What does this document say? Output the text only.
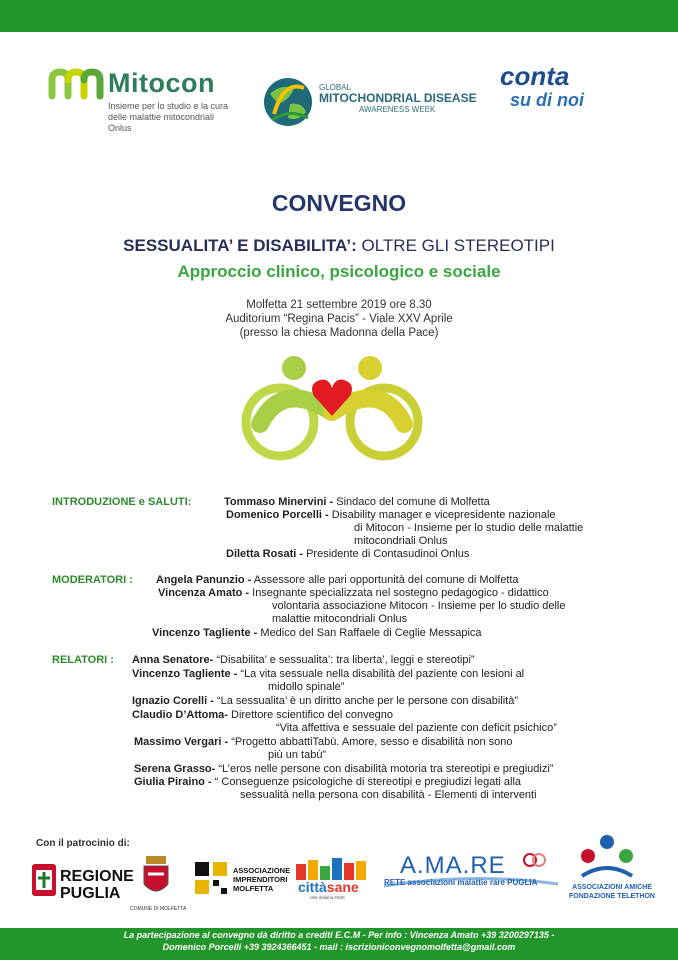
Mitocon
Insieme per lo studio e la cura
delle malattie mitocondriali
Onlus
GLOBAL
MITOCHONDRIAL DISEASE
AWARENESS WEEK
conta
su di noi
CONVEGNO
SESSUALITA’ E DISABILITA’: OLTRE GLI STEREOTIPI
Approccio clinico, psicologico e sociale
Molfetta 21 settembre 2019 ore 8.30
Auditorium “Regina Pacis” - Viale XXV Aprile
(presso la chiesa Madonna della Pace)
INTRODUZIONE e SALUTI:	Tommaso Minervini - Sindaco del comune di Molfetta
Domenico Porcelli - Disability manager e vicepresidente nazionale
di Mitocon - Insieme per lo studio delle malattie
mitocondriali Onlus
Diletta Rosati - Presidente di Contasudinoi Onlus
MODERATORI : Angela Panunzio - Assessore alle pari opportunità del comune di Molfetta
Vincenza Amato - Insegnante specializzata nel sostegno pedagogico - didattico
volontaria associazione Mitocon - Insieme per lo studio delle
malattie mitocondriali Onlus
Vincenzo Tagliente - Medico del San Raffaele di Ceglie Messapica
RELATORI : Anna Senatore- “Disabilita’ e sessualita’: tra liberta’, leggi e stereotipi”
Vincenzo Tagliente - “La vita sessuale nella disabilità del paziente con lesioni al
midollo spinale”
Ignazio Corelli - “La sessualita’ è un diritto anche per le persone con disabilità”
Claudio D’Attoma- Direttore scientifico del convegno
“Vita affettiva e sessuale del paziente con deficit psichico”
Massimo Vergari - “Progetto abbattiTabù. Amore, sesso e disabilità non sono
più un tabù”
Serena Grasso- “L’eros nelle persone con disabilità motoria tra stereotipi e pregiudizi”
Giulia Piraino - “ Conseguenze psicologiche di stereotipi e pregiudizi legati alla
sessualità nella persona con disabilità - Elementi di interventi
Con il patrocinio di:
REGIONE
PUGLIA
COMUNE DI MOLFETTA
ASSOCIAZIONE
IMPRENDITORI
MOLFETTA	cittàsane
rete italiana OMS
A.MA.RE
RETE associazioni malattie rare PUGLIA
ASSOCIAZIONI AMICHE
FONDAZIONE TELETHON
La partecipazione al convegno dà diritto a crediti E.C.M - Per info : Vincenza Amato +39 3200297135 -
Domenico Porcelli +39 3924366451 - mail : iscrizioniconvegnomolfetta@gmail.com
